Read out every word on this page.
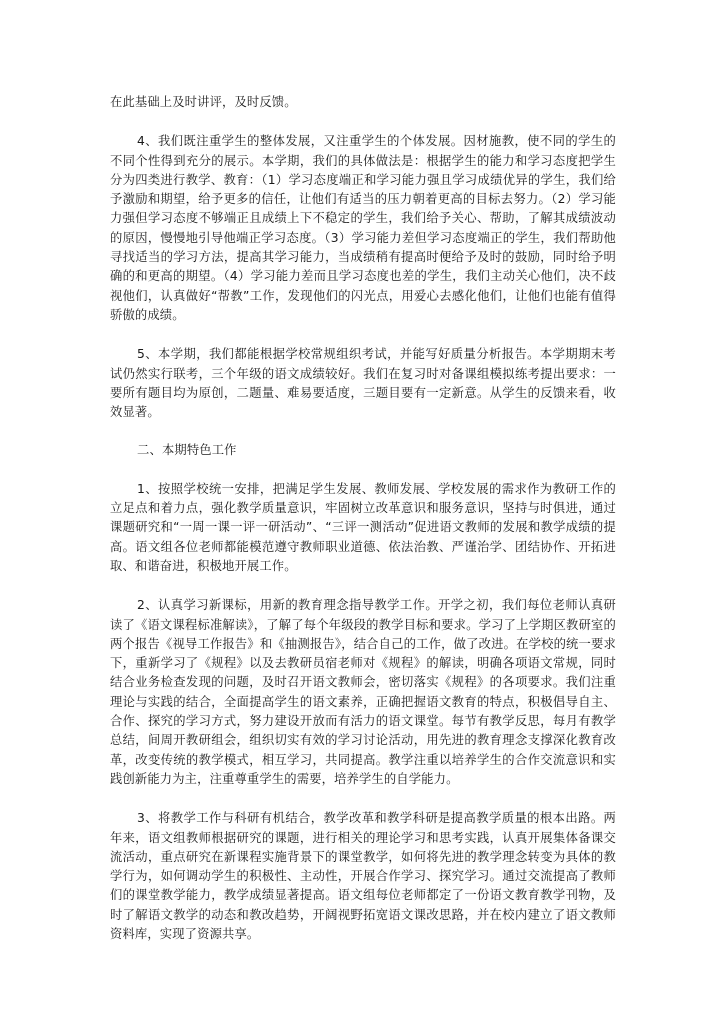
在此基础上及时讲评，及时反馈。

4、我们既注重学生的整体发展，又注重学生的个体发展。因材施教，使不同的学生的不同个性得到充分的展示。本学期，我们的具体做法是：根据学生的能力和学习态度把学生分为四类进行教学、教育：（1）学习态度端正和学习能力强且学习成绩优异的学生，我们给予激励和期望，给予更多的信任，让他们有适当的压力朝着更高的目标去努力。（2）学习能力强但学习态度不够端正且成绩上下不稳定的学生，我们给予关心、帮助，了解其成绩波动的原因，慢慢地引导他端正学习态度。（3）学习能力差但学习态度端正的学生，我们帮助他寻找适当的学习方法，提高其学习能力，当成绩稍有提高时便给予及时的鼓励，同时给予明确的和更高的期望。（4）学习能力差而且学习态度也差的学生，我们主动关心他们，决不歧视他们，认真做好“帮教”工作，发现他们的闪光点，用爱心去感化他们，让他们也能有值得骄傲的成绩。

5、本学期，我们都能根据学校常规组织考试，并能写好质量分析报告。本学期期末考试仍然实行联考，三个年级的语文成绩较好。我们在复习时对备课组模拟练考提出要求：一要所有题目均为原创，二题量、难易要适度，三题目要有一定新意。从学生的反馈来看，收效显著。

二、本期特色工作

1、按照学校统一安排，把满足学生发展、教师发展、学校发展的需求作为教研工作的立足点和着力点，强化教学质量意识，牢固树立改革意识和服务意识，坚持与时俱进，通过课题研究和“一周一课一评一研活动”、“三评一测活动”促进语文教师的发展和教学成绩的提高。语文组各位老师都能模范遵守教师职业道德、依法治教、严谨治学、团结协作、开拓进取、和谐奋进，积极地开展工作。

2、认真学习新课标，用新的教育理念指导教学工作。开学之初，我们每位老师认真研读了《语文课程标准解读》，了解了每个年级段的教学目标和要求。学习了上学期区教研室的两个报告《视导工作报告》和《抽测报告》，结合自己的工作，做了改进。在学校的统一要求下，重新学习了《规程》以及去教研员宿老师对《规程》的解读，明确各项语文常规，同时结合业务检查发现的问题，及时召开语文教师会，密切落实《规程》的各项要求。我们注重理论与实践的结合，全面提高学生的语文素养，正确把握语文教育的特点，积极倡导自主、合作、探究的学习方式，努力建设开放而有活力的语文课堂。每节有教学反思，每月有教学总结，间周开教研组会，组织切实有效的学习讨论活动，用先进的教育理念支撑深化教育改革，改变传统的教学模式，相互学习，共同提高。教学注重以培养学生的合作交流意识和实践创新能力为主，注重尊重学生的需要，培养学生的自学能力。

3、将教学工作与科研有机结合，教学改革和教学科研是提高教学质量的根本出路。两年来，语文组教师根据研究的课题，进行相关的理论学习和思考实践，认真开展集体备课交流活动，重点研究在新课程实施背景下的课堂教学，如何将先进的教学理念转变为具体的教学行为，如何调动学生的积极性、主动性，开展合作学习、探究学习。通过交流提高了教师们的课堂教学能力，教学成绩显著提高。语文组每位老师都定了一份语文教育教学刊物，及时了解语文教学的动态和教改趋势，开阔视野拓宽语文课改思路，并在校内建立了语文教师资料库，实现了资源共享。
